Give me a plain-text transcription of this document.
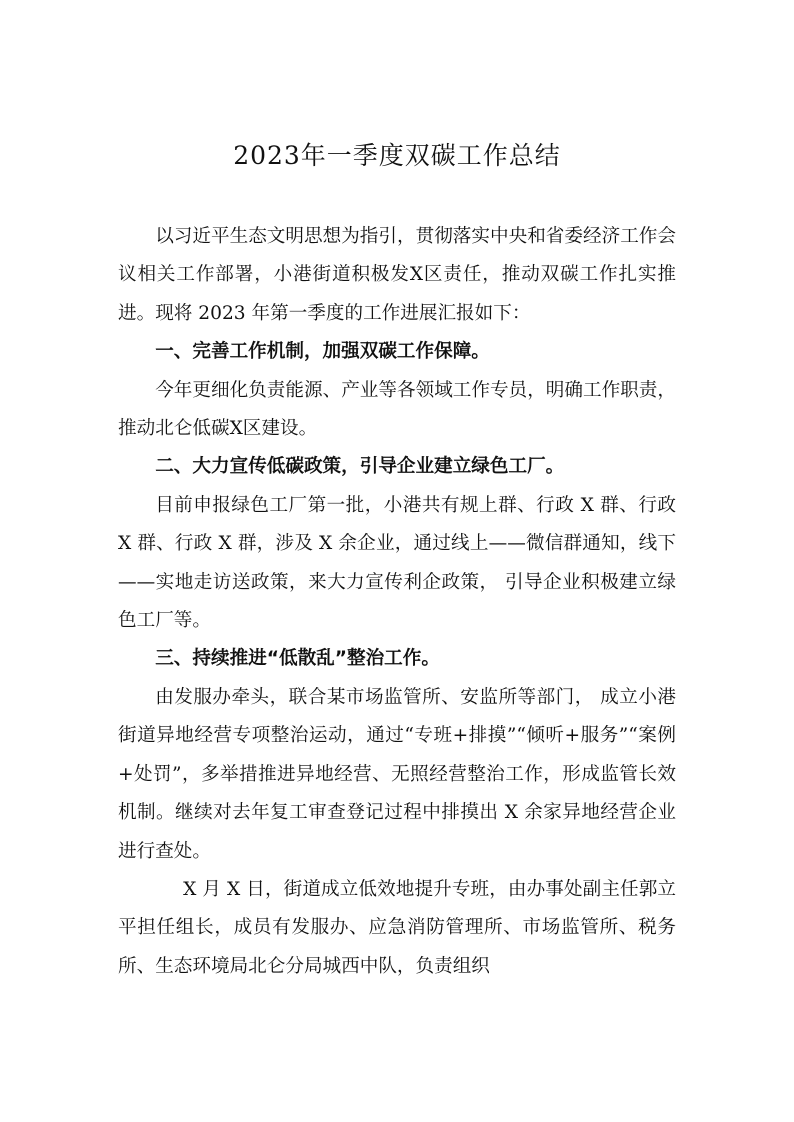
2023年一季度双碳工作总结

以习近平生态文明思想为指引，贯彻落实中央和省委经济工作会议相关工作部署，小港街道积极发X区责任，推动双碳工作扎实推进。现将 2023 年第一季度的工作进展汇报如下：

一、完善工作机制，加强双碳工作保障。

今年更细化负责能源、产业等各领域工作专员，明确工作职责，推动北仑低碳X区建设。

二、大力宣传低碳政策，引导企业建立绿色工厂。

目前申报绿色工厂第一批，小港共有规上群、行政 X 群、行政 X 群、行政 X 群，涉及 X 余企业，通过线上——微信群通知，线下——实地走访送政策，来大力宣传利企政策， 引导企业积极建立绿色工厂等。

三、持续推进“低散乱”整治工作。

由发服办牵头，联合某市场监管所、安监所等部门， 成立小港街道异地经营专项整治运动，通过“专班+排摸”“倾听+服务”“案例+处罚”，多举措推进异地经营、无照经营整治工作，形成监管长效机制。继续对去年复工审查登记过程中排摸出 X 余家异地经营企业进行查处。

X 月 X 日，街道成立低效地提升专班，由办事处副主任郭立平担任组长，成员有发服办、应急消防管理所、市场监管所、税务所、生态环境局北仑分局城西中队，负责组织
